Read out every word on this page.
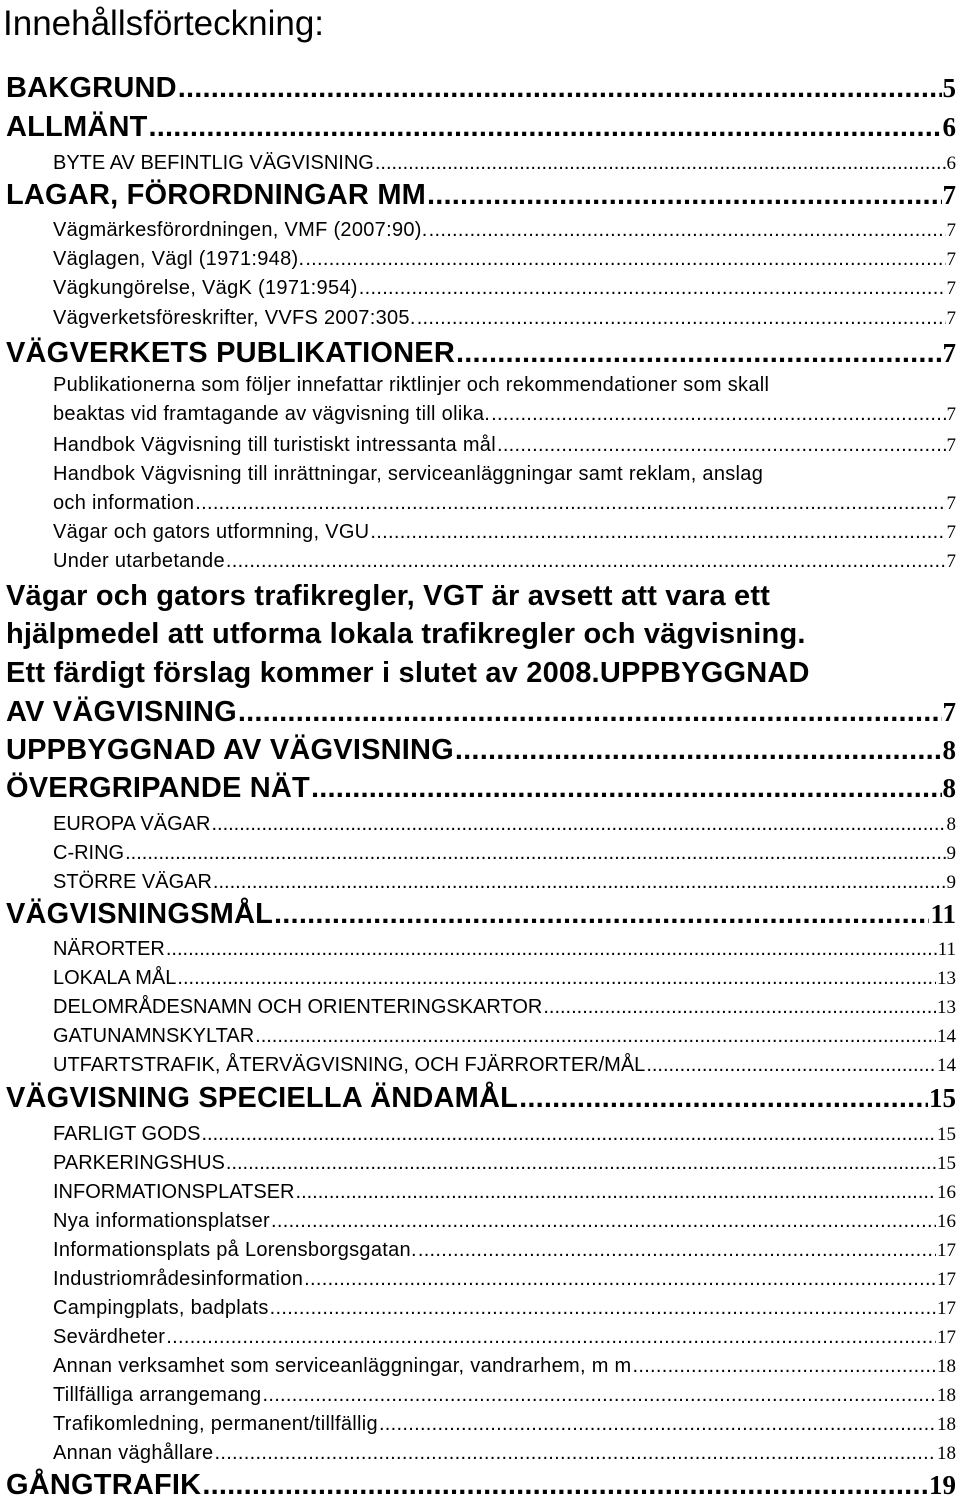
Innehållsförteckning:
BAKGRUND .....	5
ALLMÄNT .....	6
BYTE AV BEFINTLIG VÄGVISNING .....	6
LAGAR, FÖRORDNINGAR MM .....	7
Vägmärkesförordningen, VMF (2007:90). .....	7
Väglagen, Vägl (1971:948). .....	7
Vägkungörelse, VägK (1971:954) .....	7
Vägverketsföreskrifter, VVFS 2007:305. .....	7
VÄGVERKETS PUBLIKATIONER .....	7
Publikationerna som följer innefattar riktlinjer och rekommendationer som skall
beaktas vid framtagande av vägvisning till olika. .....	7
Handbok Vägvisning till turistiskt intressanta mål .....	7
Handbok Vägvisning till inrättningar, serviceanläggningar samt reklam, anslag
och information .....	7
Vägar och gators utformning, VGU .....	7
Under utarbetande .....	7
Vägar och gators trafikregler, VGT är avsett att vara ett
hjälpmedel att utforma lokala trafikregler och vägvisning.
Ett färdigt förslag kommer i slutet av 2008.UPPBYGGNAD
AV VÄGVISNING .....	7
UPPBYGGNAD AV VÄGVISNING .....	8
ÖVERGRIPANDE NÄT .....	8
EUROPA VÄGAR .....	8
C-RING .....	9
STÖRRE VÄGAR .....	9
VÄGVISNINGSMÅL .....	11
NÄRORTER .....	11
LOKALA MÅL .....	13
DELOMRÅDESNAMN OCH ORIENTERINGSKARTOR .....	13
GATUNAMNSKYLTAR .....	14
UTFARTSTRAFIK, ÅTERVÄGVISNING, OCH FJÄRRORTER/MÅL .....	14
VÄGVISNING SPECIELLA ÄNDAMÅL .....	15
FARLIGT GODS .....	15
PARKERINGSHUS .....	15
INFORMATIONSPLATSER .....	16
Nya informationsplatser .....	16
Informationsplats på Lorensborgsgatan. .....	17
Industriområdesinformation .....	17
Campingplats, badplats .....	17
Sevärdheter .....	17
Annan verksamhet som serviceanläggningar, vandrarhem, m m .....	18
Tillfälliga arrangemang .....	18
Trafikomledning, permanent/tillfällig .....	18
Annan väghållare .....	18
GÅNGTRAFIK .....	19
